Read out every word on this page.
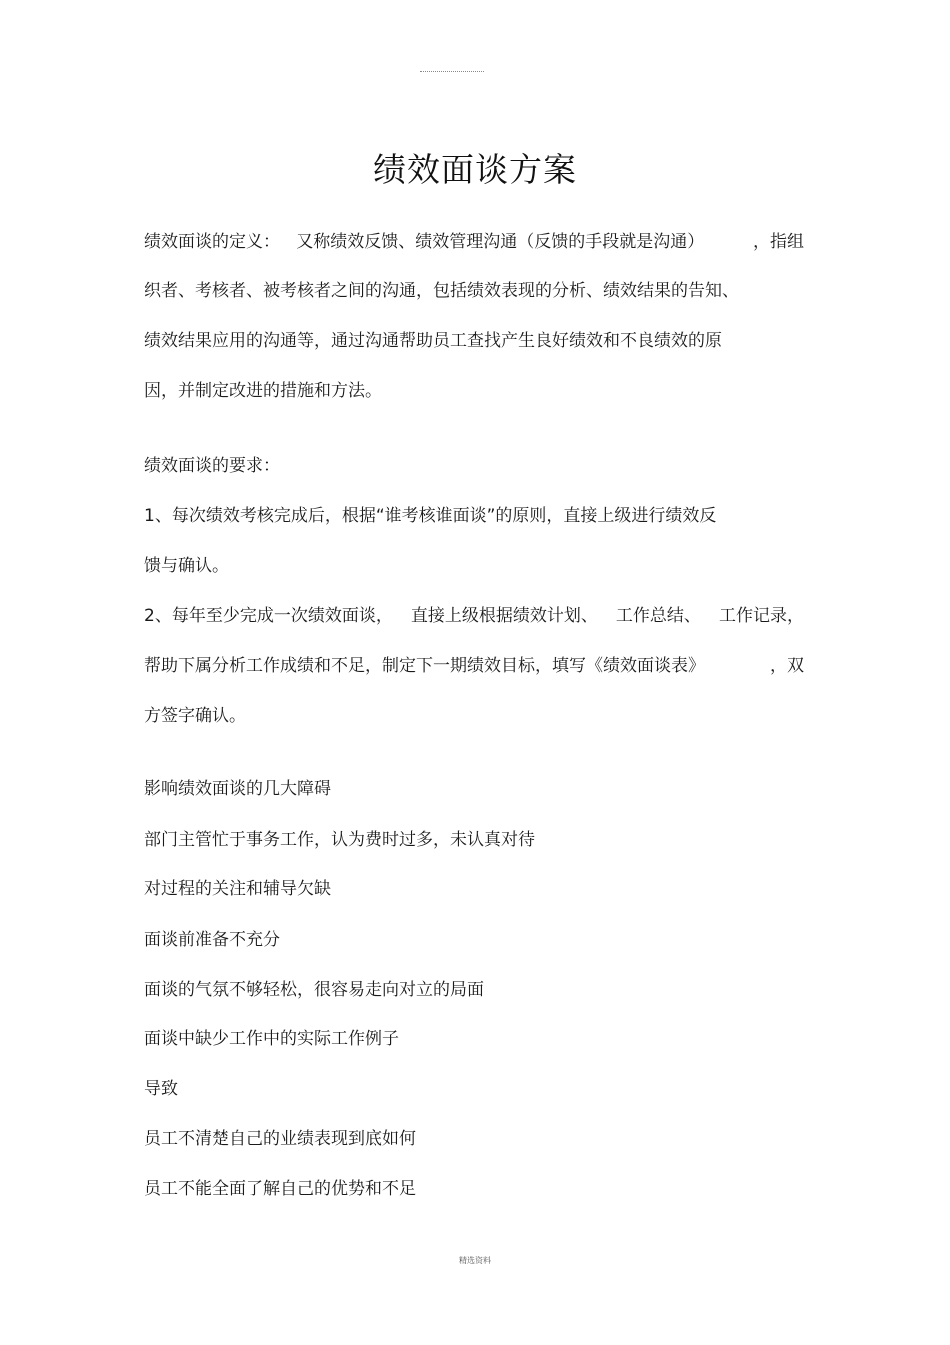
绩效面谈方案
绩效面谈的定义：   又称绩效反馈、绩效管理沟通（反馈的手段就是沟通）	，指组
织者、考核者、被考核者之间的沟通，包括绩效表现的分析、绩效结果的告知、
绩效结果应用的沟通等，通过沟通帮助员工查找产生良好绩效和不良绩效的原
因，并制定改进的措施和方法。
绩效面谈的要求：
1、每次绩效考核完成后，根据“谁考核谁面谈”的原则，直接上级进行绩效反
馈与确认。
2、每年至少完成一次绩效面谈， 直接上级根据绩效计划、 工作总结、 工作记录，
帮助下属分析工作成绩和不足，制定下一期绩效目标，填写《绩效面谈表》	，双
方签字确认。
影响绩效面谈的几大障碍
部门主管忙于事务工作，认为费时过多，未认真对待
对过程的关注和辅导欠缺
面谈前准备不充分
面谈的气氛不够轻松，很容易走向对立的局面
面谈中缺少工作中的实际工作例子
导致
员工不清楚自己的业绩表现到底如何
员工不能全面了解自己的优势和不足
精选资料
